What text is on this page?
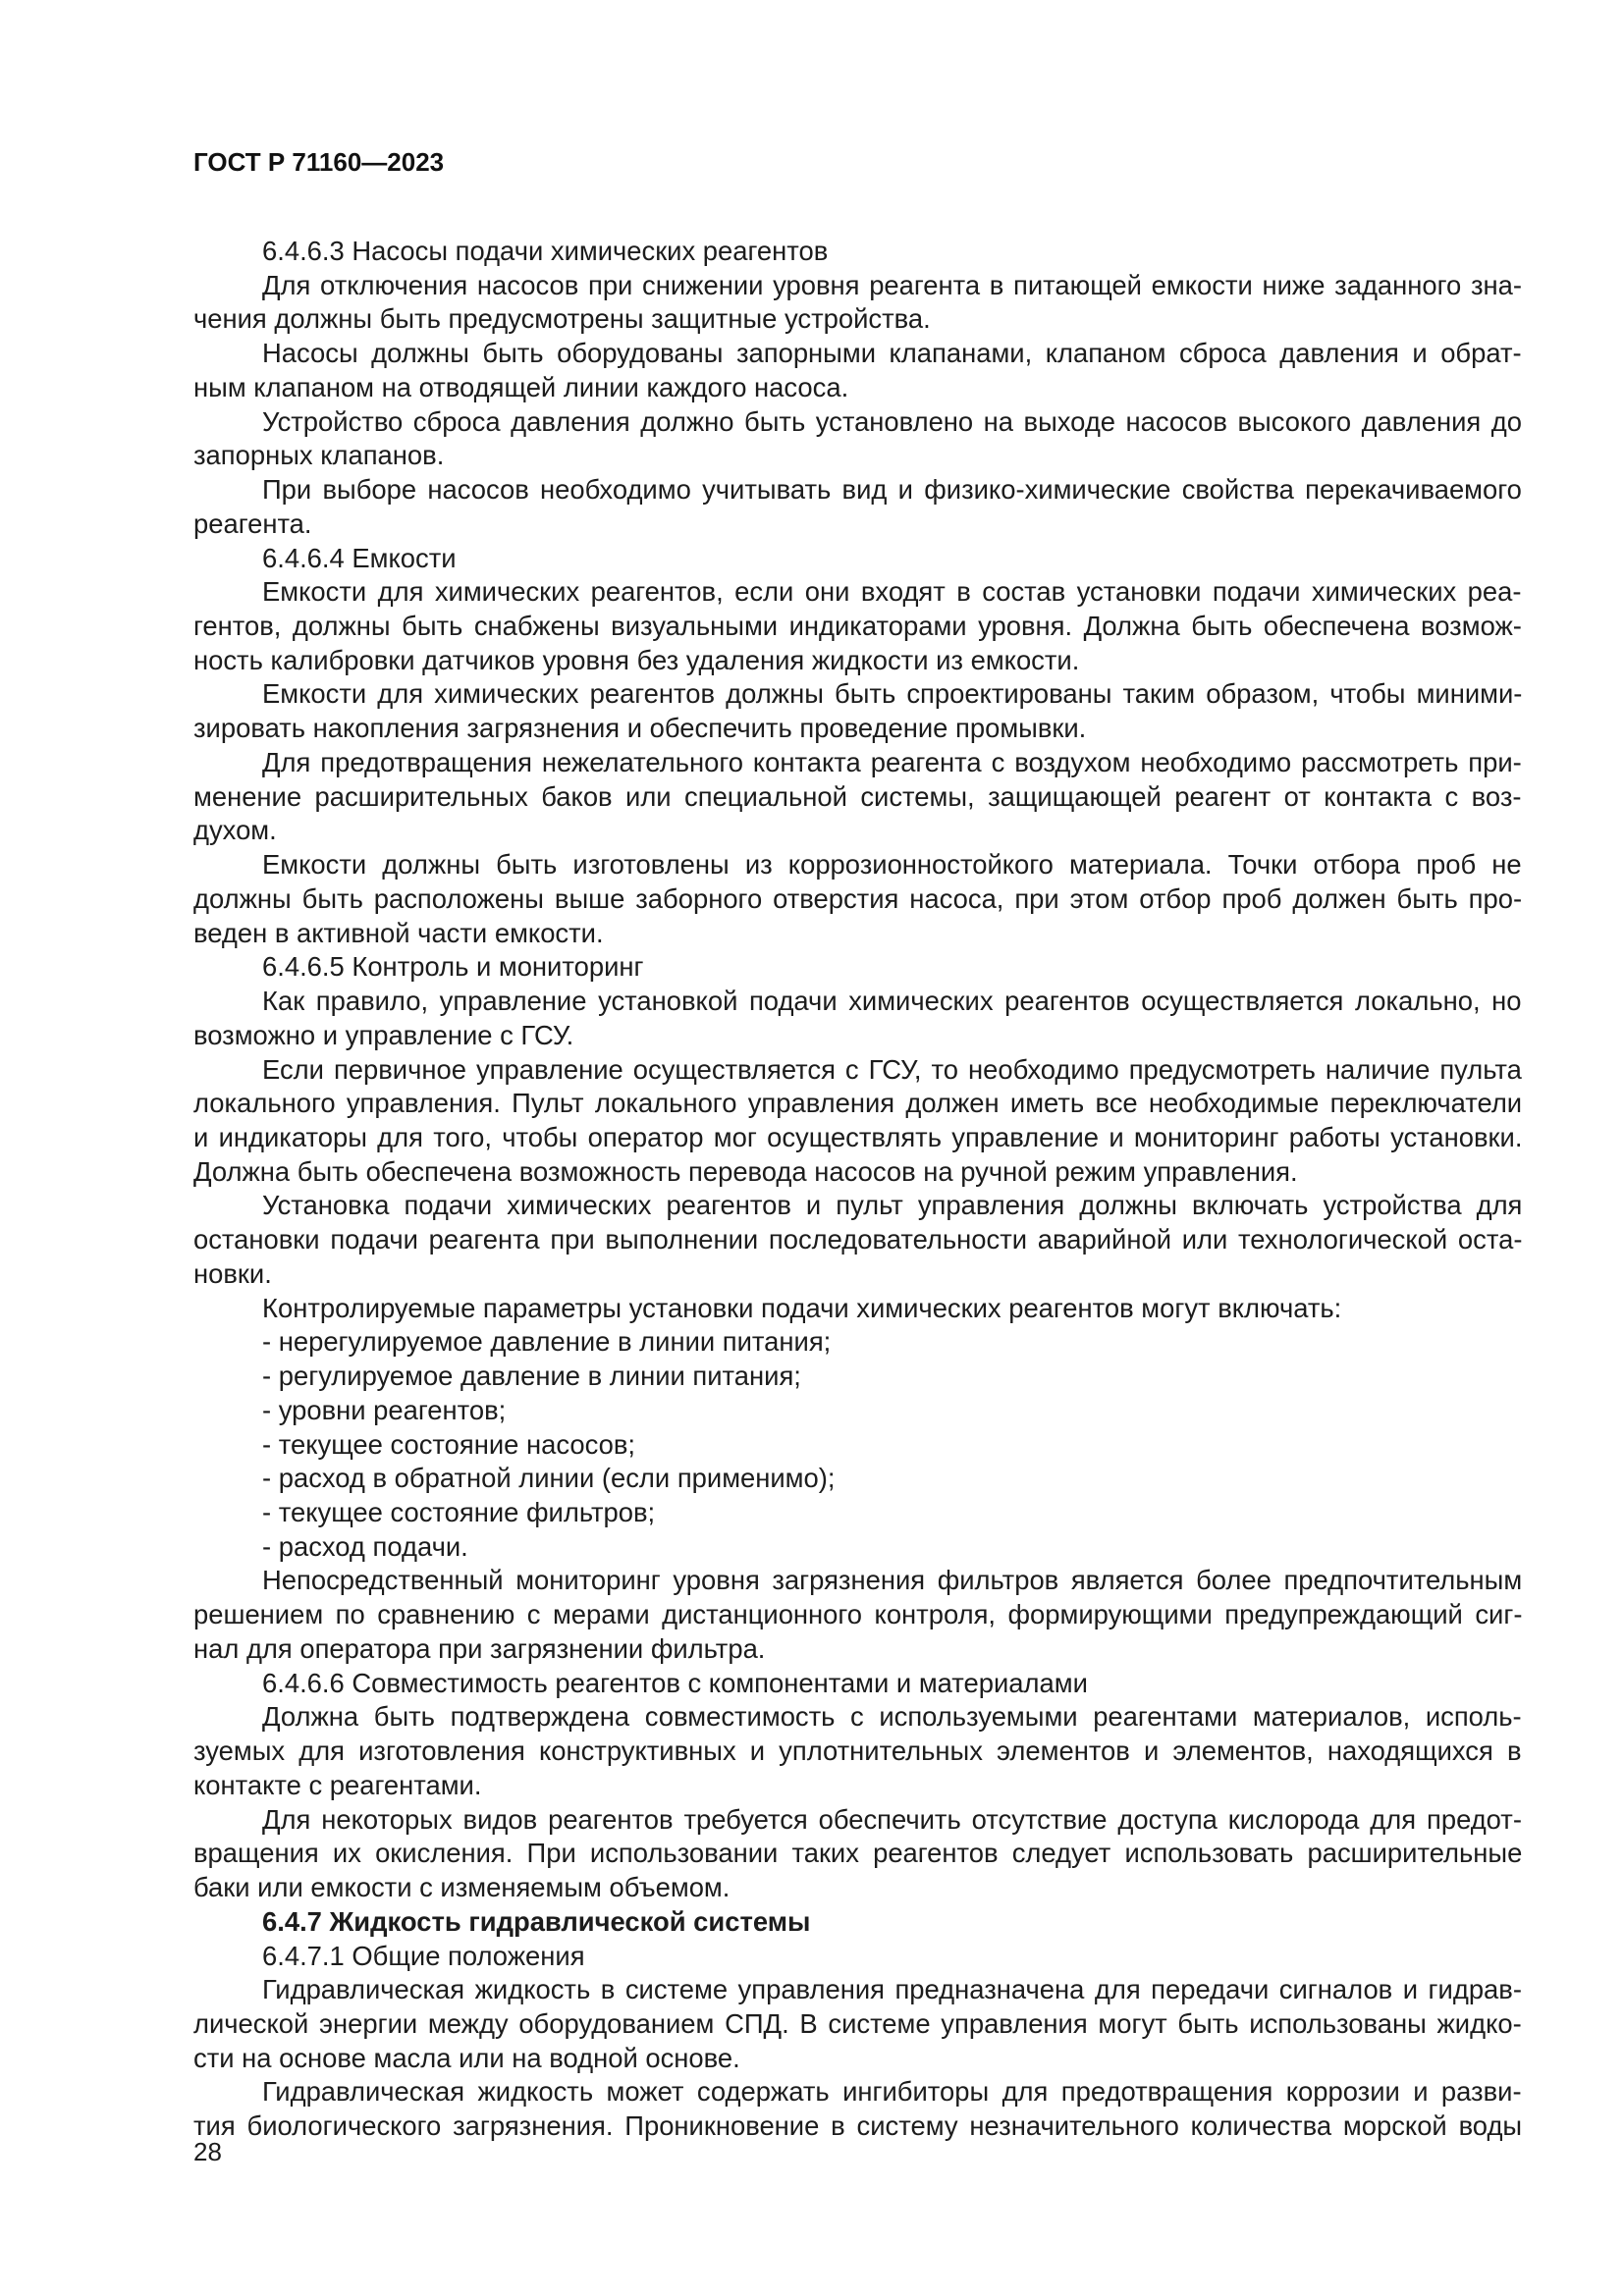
ГОСТ Р 71160—2023
6.4.6.3 Насосы подачи химических реагентов
Для отключения насосов при снижении уровня реагента в питающей емкости ниже заданного зна-
чения должны быть предусмотрены защитные устройства.
Насосы должны быть оборудованы запорными клапанами, клапаном сброса давления и обрат-
ным клапаном на отводящей линии каждого насоса.
Устройство сброса давления должно быть установлено на выходе насосов высокого давления до
запорных клапанов.
При выборе насосов необходимо учитывать вид и физико-химические свойства перекачиваемого
реагента.
6.4.6.4 Емкости
Емкости для химических реагентов, если они входят в состав установки подачи химических реа-
гентов, должны быть снабжены визуальными индикаторами уровня. Должна быть обеспечена возмож-
ность калибровки датчиков уровня без удаления жидкости из емкости.
Емкости для химических реагентов должны быть спроектированы таким образом, чтобы миними-
зировать накопления загрязнения и обеспечить проведение промывки.
Для предотвращения нежелательного контакта реагента с воздухом необходимо рассмотреть при-
менение расширительных баков или специальной системы, защищающей реагент от контакта с воз-
духом.
Емкости должны быть изготовлены из коррозионностойкого материала. Точки отбора проб не
должны быть расположены выше заборного отверстия насоса, при этом отбор проб должен быть про-
веден в активной части емкости.
6.4.6.5 Контроль и мониторинг
Как правило, управление установкой подачи химических реагентов осуществляется локально, но
возможно и управление с ГСУ.
Если первичное управление осуществляется с ГСУ, то необходимо предусмотреть наличие пульта
локального управления. Пульт локального управления должен иметь все необходимые переключатели
и индикаторы для того, чтобы оператор мог осуществлять управление и мониторинг работы установки.
Должна быть обеспечена возможность перевода насосов на ручной режим управления.
Установка подачи химических реагентов и пульт управления должны включать устройства для
остановки подачи реагента при выполнении последовательности аварийной или технологической оста-
новки.
Контролируемые параметры установки подачи химических реагентов могут включать:
- нерегулируемое давление в линии питания;
- регулируемое давление в линии питания;
- уровни реагентов;
- текущее состояние насосов;
- расход в обратной линии (если применимо);
- текущее состояние фильтров;
- расход подачи.
Непосредственный мониторинг уровня загрязнения фильтров является более предпочтительным
решением по сравнению с мерами дистанционного контроля, формирующими предупреждающий сиг-
нал для оператора при загрязнении фильтра.
6.4.6.6 Совместимость реагентов с компонентами и материалами
Должна быть подтверждена совместимость с используемыми реагентами материалов, исполь-
зуемых для изготовления конструктивных и уплотнительных элементов и элементов, находящихся в
контакте с реагентами.
Для некоторых видов реагентов требуется обеспечить отсутствие доступа кислорода для предот-
вращения их окисления. При использовании таких реагентов следует использовать расширительные
баки или емкости с изменяемым объемом.
6.4.7 Жидкость гидравлической системы
6.4.7.1 Общие положения
Гидравлическая жидкость в системе управления предназначена для передачи сигналов и гидрав-
лической энергии между оборудованием СПД. В системе управления могут быть использованы жидко-
сти на основе масла или на водной основе.
Гидравлическая жидкость может содержать ингибиторы для предотвращения коррозии и разви-
тия биологического загрязнения. Проникновение в систему незначительного количества морской воды
28
